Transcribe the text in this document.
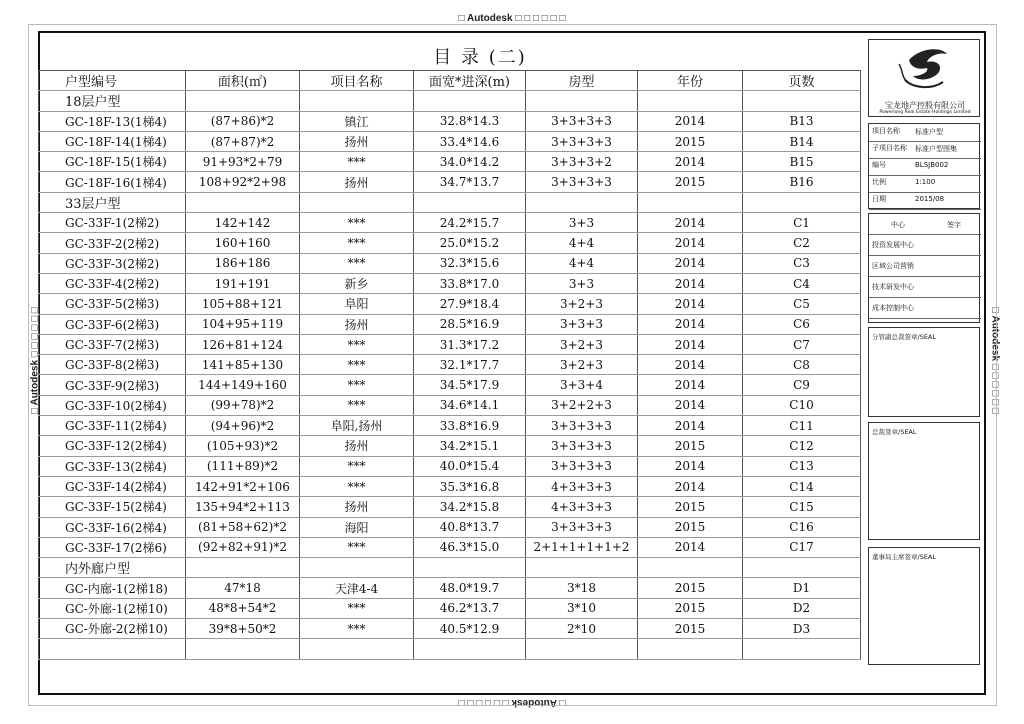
□ Autodesk □ □ □ □ □ □
□ Autodesk □ □ □ □ □ □
□ Autodesk □ □ □ □ □ □	□ Autodesk □ □ □ □ □ □
目 录 (二)
户型编号	面积(㎡)	项目名称	面宽*进深(m)	房型	年份	页数
18层户型						
GC-18F-13(1梯4)	(87+86)*2	镇江	32.8*14.3	3+3+3+3	2014	B13
GC-18F-14(1梯4)	(87+87)*2	扬州	33.4*14.6	3+3+3+3	2015	B14
GC-18F-15(1梯4)	91+93*2+79	***	34.0*14.2	3+3+3+2	2014	B15
GC-18F-16(1梯4)	108+92*2+98	扬州	34.7*13.7	3+3+3+3	2015	B16
33层户型						
GC-33F-1(2梯2)	142+142	***	24.2*15.7	3+3	2014	C1
GC-33F-2(2梯2)	160+160	***	25.0*15.2	4+4	2014	C2
GC-33F-3(2梯2)	186+186	***	32.3*15.6	4+4	2014	C3
GC-33F-4(2梯2)	191+191	新乡	33.8*17.0	3+3	2014	C4
GC-33F-5(2梯3)	105+88+121	阜阳	27.9*18.4	3+2+3	2014	C5
GC-33F-6(2梯3)	104+95+119	扬州	28.5*16.9	3+3+3	2014	C6
GC-33F-7(2梯3)	126+81+124	***	31.3*17.2	3+2+3	2014	C7
GC-33F-8(2梯3)	141+85+130	***	32.1*17.7	3+2+3	2014	C8
GC-33F-9(2梯3)	144+149+160	***	34.5*17.9	3+3+4	2014	C9
GC-33F-10(2梯4)	(99+78)*2	***	34.6*14.1	3+2+2+3	2014	C10
GC-33F-11(2梯4)	(94+96)*2	阜阳,扬州	33.8*16.9	3+3+3+3	2014	C11
GC-33F-12(2梯4)	(105+93)*2	扬州	34.2*15.1	3+3+3+3	2015	C12
GC-33F-13(2梯4)	(111+89)*2	***	40.0*15.4	3+3+3+3	2014	C13
GC-33F-14(2梯4)	142+91*2+106	***	35.3*16.8	4+3+3+3	2014	C14
GC-33F-15(2梯4)	135+94*2+113	扬州	34.2*15.8	4+3+3+3	2015	C15
GC-33F-16(2梯4)	(81+58+62)*2	海阳	40.8*13.7	3+3+3+3	2015	C16
GC-33F-17(2梯6)	(92+82+91)*2	***	46.3*15.0	2+1+1+1+1+2	2014	C17
内外廊户型						
GC-内廊-1(2梯18)	47*18	天津4-4	48.0*19.7	3*18	2015	D1
GC-外廊-1(2梯10)	48*8+54*2	***	46.2*13.7	3*10	2015	D2
GC-外廊-2(2梯10)	39*8+50*2	***	40.5*12.9	2*10	2015	D3

宝龙地产控股有限公司
Powerlong Real Estate Holdings Limited
项目名称 标准户型
子项目名称 标准户型图集
编号	BLSJB002
比例	1:100
日期	2015/08
中心	签字
投资发展中心
区域公司营销
技术研发中心
成本控制中心
分管副总裁签章/SEAL
总裁签章/SEAL
董事局主席签章/SEAL
